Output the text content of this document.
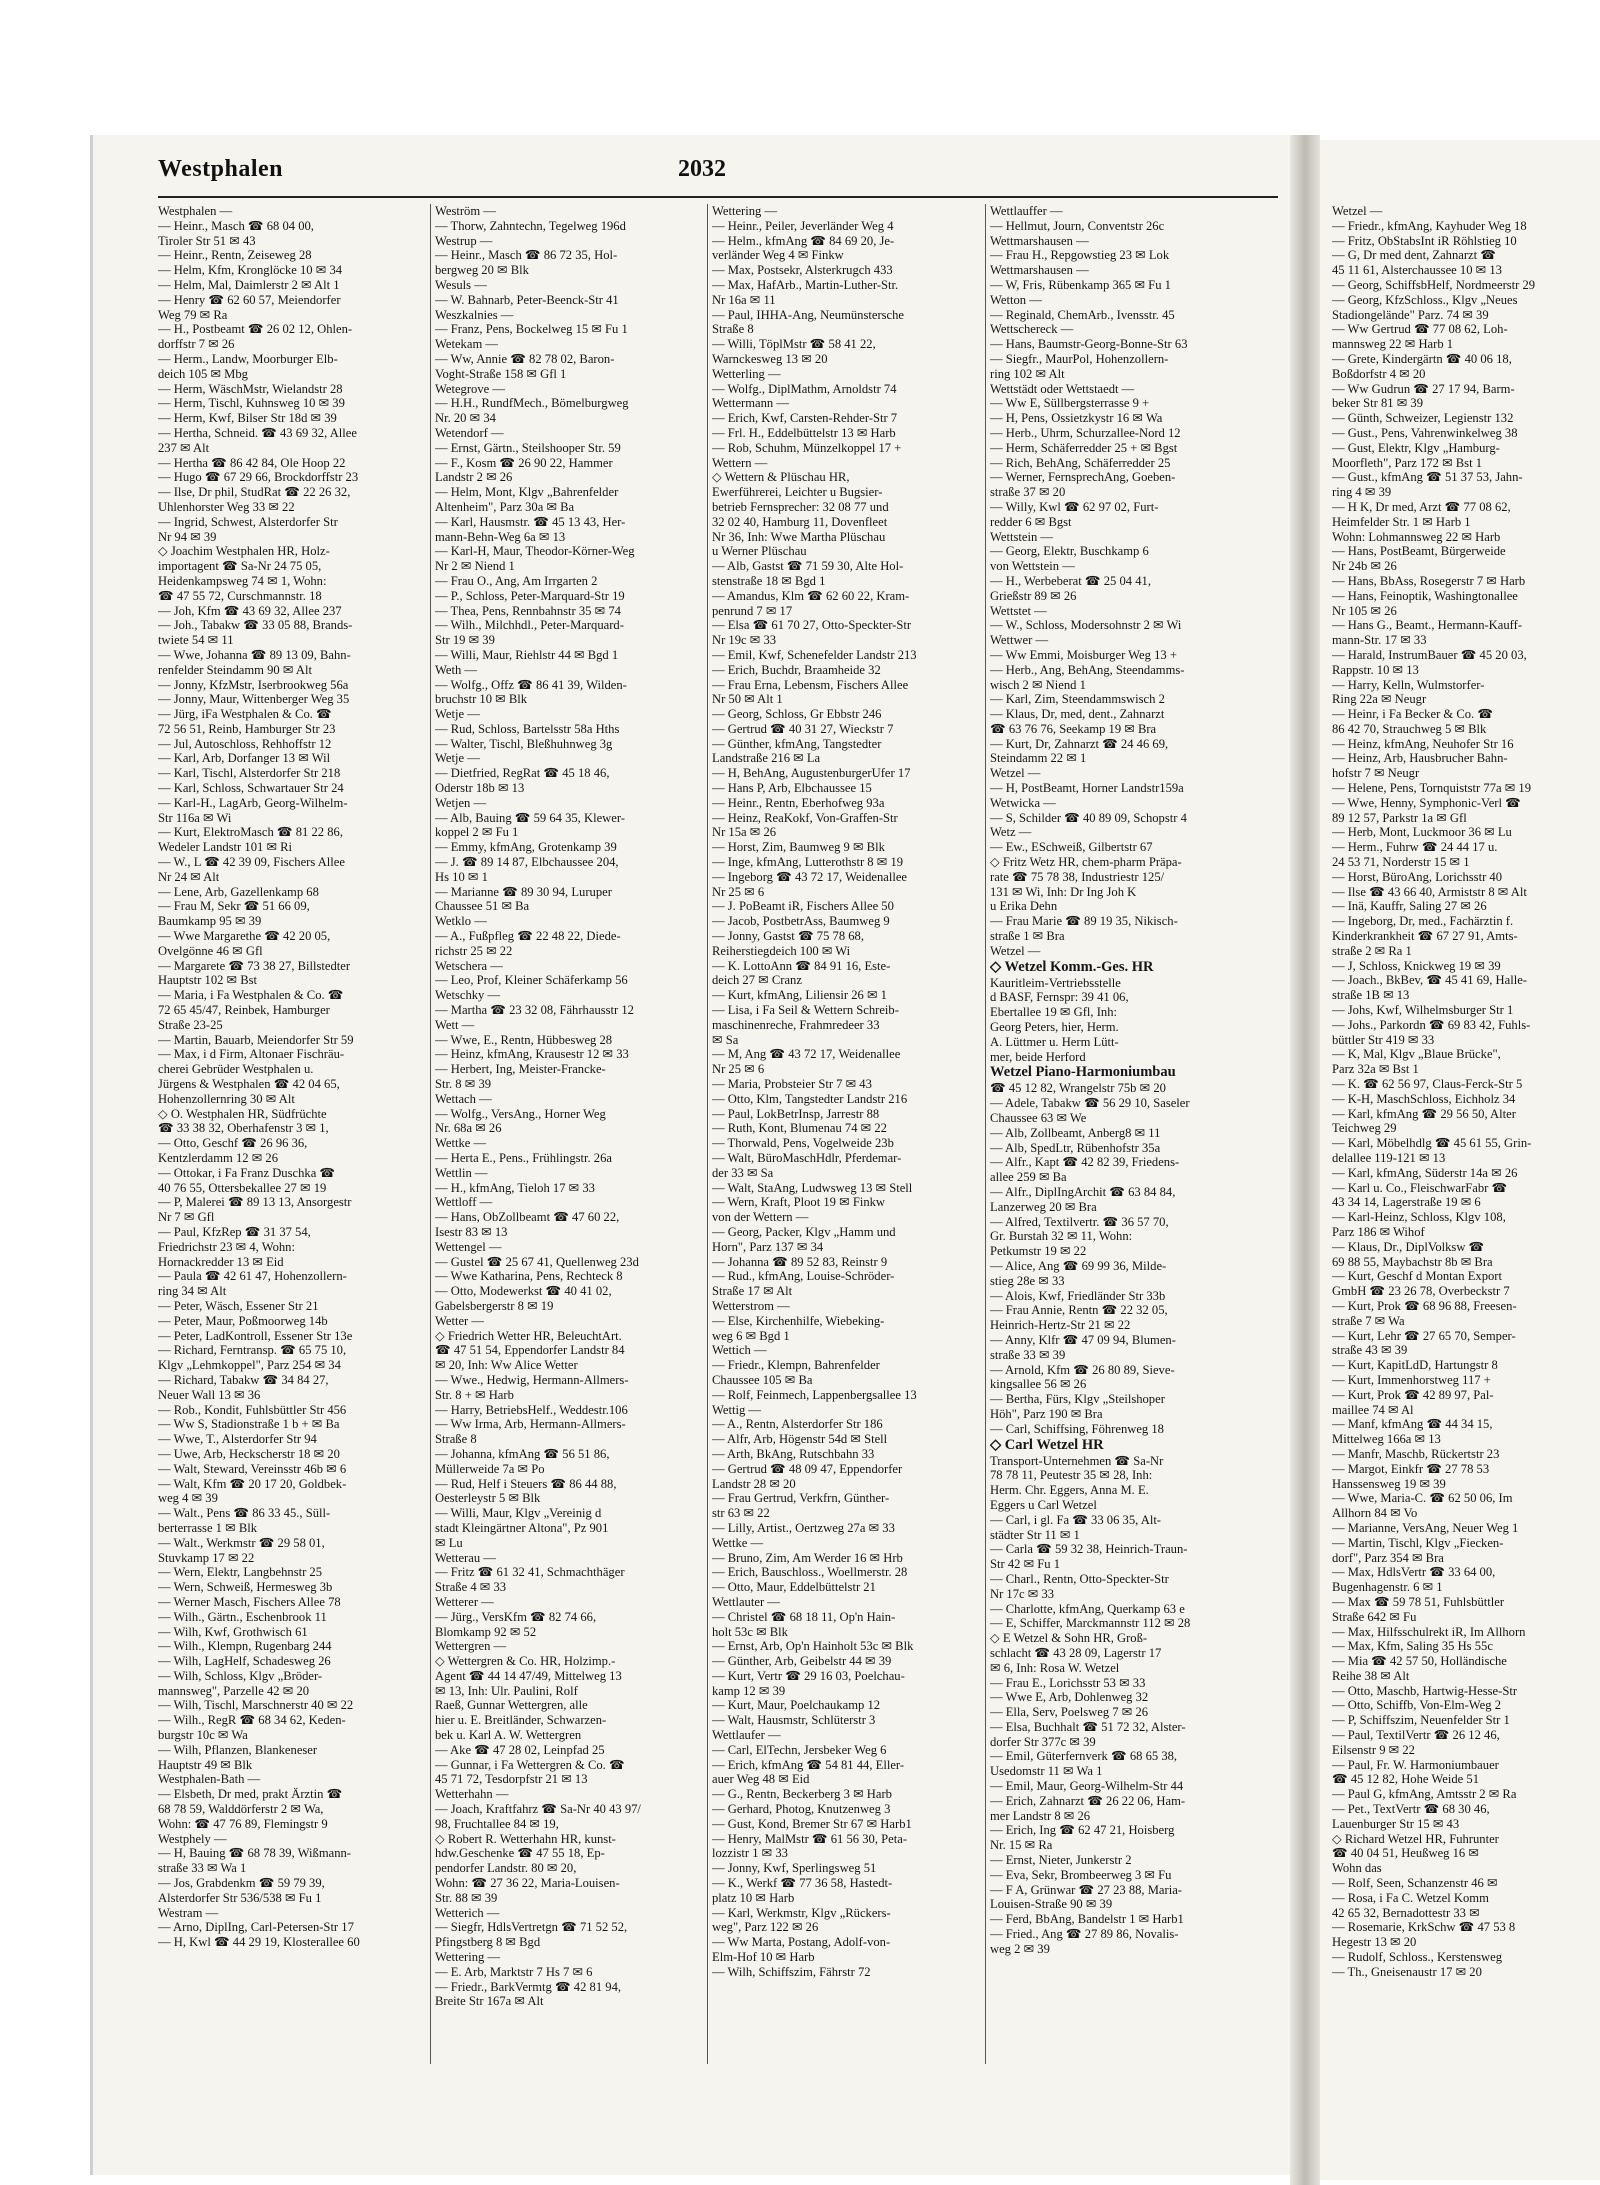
Westphalen	2032
Westphalen —
— Heinr., Masch ☎ 68 04 00,
Tiroler Str 51 ✉ 43
— Heinr., Rentn, Zeiseweg 28
— Helm, Kfm, Kronglöcke 10 ✉ 34
— Helm, Mal, Daimlerstr 2 ✉ Alt 1
— Henry ☎ 62 60 57, Meiendorfer
Weg 79 ✉ Ra
— H., Postbeamt ☎ 26 02 12, Ohlen-
dorffstr 7 ✉ 26
— Herm., Landw, Moorburger Elb-
deich 105 ✉ Mbg
— Herm, WäschMstr, Wielandstr 28
— Herm, Tischl, Kuhnsweg 10 ✉ 39
— Herm, Kwf, Bilser Str 18d ✉ 39
— Hertha, Schneid. ☎ 43 69 32, Allee
237 ✉ Alt
— Hertha ☎ 86 42 84, Ole Hoop 22
— Hugo ☎ 67 29 66, Brockdorffstr 23
— Ilse, Dr phil, StudRat ☎ 22 26 32,
Uhlenhorster Weg 33 ✉ 22
— Ingrid, Schwest, Alsterdorfer Str
Nr 94 ✉ 39
◇ Joachim Westphalen HR, Holz-
importagent ☎ Sa-Nr 24 75 05,
Heidenkampsweg 74 ✉ 1, Wohn:
☎ 47 55 72, Curschmannstr. 18
— Joh, Kfm ☎ 43 69 32, Allee 237
— Joh., Tabakw ☎ 33 05 88, Brands-
twiete 54 ✉ 11
— Wwe, Johanna ☎ 89 13 09, Bahn-
renfelder Steindamm 90 ✉ Alt
— Jonny, KfzMstr, Iserbrookweg 56a
— Jonny, Maur, Wittenberger Weg 35
— Jürg, iFa Westphalen & Co. ☎
72 56 51, Reinb, Hamburger Str 23
— Jul, Autoschloss, Rehhoffstr 12
— Karl, Arb, Dorfanger 13 ✉ Wil
— Karl, Tischl, Alsterdorfer Str 218
— Karl, Schloss, Schwartauer Str 24
— Karl-H., LagArb, Georg-Wilhelm-
Str 116a ✉ Wi
— Kurt, ElektroMasch ☎ 81 22 86,
Wedeler Landstr 101 ✉ Ri
— W., L ☎ 42 39 09, Fischers Allee
Nr 24 ✉ Alt
— Lene, Arb, Gazellenkamp 68
— Frau M, Sekr ☎ 51 66 09,
Baumkamp 95 ✉ 39
— Wwe Margarethe ☎ 42 20 05,
Ovelgönne 46 ✉ Gfl
— Margarete ☎ 73 38 27, Billstedter
Hauptstr 102 ✉ Bst
— Maria, i Fa Westphalen & Co. ☎
72 65 45/47, Reinbek, Hamburger
Straße 23-25
— Martin, Bauarb, Meiendorfer Str 59
— Max, i d Firm, Altonaer Fischräu-
cherei Gebrüder Westphalen u.
Jürgens & Westphalen ☎ 42 04 65,
Hohenzollernring 30 ✉ Alt
◇ O. Westphalen HR, Südfrüchte
☎ 33 38 32, Oberhafenstr 3 ✉ 1,
— Otto, Geschf ☎ 26 96 36,
Kentzlerdamm 12 ✉ 26
— Ottokar, i Fa Franz Duschka ☎
40 76 55, Ottersbekallee 27 ✉ 19
— P, Malerei ☎ 89 13 13, Ansorgestr
Nr 7 ✉ Gfl
— Paul, KfzRep ☎ 31 37 54,
Friedrichstr 23 ✉ 4, Wohn:
Hornackredder 13 ✉ Eid
— Paula ☎ 42 61 47, Hohenzollern-
ring 34 ✉ Alt
— Peter, Wäsch, Essener Str 21
— Peter, Maur, Poßmoorweg 14b
— Peter, LadKontroll, Essener Str 13e
— Richard, Ferntransp. ☎ 65 75 10,
Klgv „Lehmkoppel", Parz 254 ✉ 34
— Richard, Tabakw ☎ 34 84 27,
Neuer Wall 13 ✉ 36
— Rob., Kondit, Fuhlsbüttler Str 456
— Ww S, Stadionstraße 1 b + ✉ Ba
— Wwe, T., Alsterdorfer Str 94
— Uwe, Arb, Heckscherstr 18 ✉ 20
— Walt, Steward, Vereinsstr 46b ✉ 6
— Walt, Kfm ☎ 20 17 20, Goldbek-
weg 4 ✉ 39
— Walt., Pens ☎ 86 33 45., Süll-
berterrasse 1 ✉ Blk
— Walt., Werkmstr ☎ 29 58 01,
Stuvkamp 17 ✉ 22
— Wern, Elektr, Langbehnstr 25
— Wern, Schweiß, Hermesweg 3b
— Werner Masch, Fischers Allee 78
— Wilh., Gärtn., Eschenbrook 11
— Wilh, Kwf, Grothwisch 61
— Wilh., Klempn, Rugenbarg 244
— Wilh, LagHelf, Schadesweg 26
— Wilh, Schloss, Klgv „Bröder-
mannsweg", Parzelle 42 ✉ 20
— Wilh, Tischl, Marschnerstr 40 ✉ 22
— Wilh., RegR ☎ 68 34 62, Keden-
burgstr 10c ✉ Wa
— Wilh, Pflanzen, Blankeneser
Hauptstr 49 ✉ Blk
Westphalen-Bath —
— Elsbeth, Dr med, prakt Ärztin ☎
68 78 59, Walddörferstr 2 ✉ Wa,
Wohn: ☎ 47 76 89, Flemingstr 9
Westphely —
— H, Bauing ☎ 68 78 39, Wißmann-
straße 33 ✉ Wa 1
— Jos, Grabdenkm ☎ 59 79 39,
Alsterdorfer Str 536/538 ✉ Fu 1
Westram —
— Arno, DiplIng, Carl-Petersen-Str 17
— H, Kwl ☎ 44 29 19, Klosterallee 60
Weström —
— Thorw, Zahntechn, Tegelweg 196d
Westrup —
— Heinr., Masch ☎ 86 72 35, Hol-
bergweg 20 ✉ Blk
Wesuls —
— W. Bahnarb, Peter-Beenck-Str 41
Weszkalnies —
— Franz, Pens, Bockelweg 15 ✉ Fu 1
Wetekam —
— Ww, Annie ☎ 82 78 02, Baron-
Voght-Straße 158 ✉ Gfl 1
Wetegrove —
— H.H., RundfMech., Bömelburgweg
Nr. 20 ✉ 34
Wetendorf —
— Ernst, Gärtn., Steilshooper Str. 59
— F., Kosm ☎ 26 90 22, Hammer
Landstr 2 ✉ 26
— Helm, Mont, Klgv „Bahrenfelder
Altenheim", Parz 30a ✉ Ba
— Karl, Hausmstr. ☎ 45 13 43, Her-
mann-Behn-Weg 6a ✉ 13
— Karl-H, Maur, Theodor-Körner-Weg
Nr 2 ✉ Niend 1
— Frau O., Ang, Am Irrgarten 2
— P., Schloss, Peter-Marquard-Str 19
— Thea, Pens, Rennbahnstr 35 ✉ 74
— Wilh., Milchhdl., Peter-Marquard-
Str 19 ✉ 39
— Willi, Maur, Riehlstr 44 ✉ Bgd 1
Weth —
— Wolfg., Offz ☎ 86 41 39, Wilden-
bruchstr 10 ✉ Blk
Wetje —
— Rud, Schloss, Bartelsstr 58a Hths
— Walter, Tischl, Bleßhuhnweg 3g
Wetje —
— Dietfried, RegRat ☎ 45 18 46,
Oderstr 18b ✉ 13
Wetjen —
— Alb, Bauing ☎ 59 64 35, Klewer-
koppel 2 ✉ Fu 1
— Emmy, kfmAng, Grotenkamp 39
— J. ☎ 89 14 87, Elbchaussee 204,
Hs 10 ✉ 1
— Marianne ☎ 89 30 94, Luruper
Chaussee 51 ✉ Ba
Wetklo —
— A., Fußpfleg ☎ 22 48 22, Diede-
richstr 25 ✉ 22
Wetschera —
— Leo, Prof, Kleiner Schäferkamp 56
Wetschky —
— Martha ☎ 23 32 08, Fährhausstr 12
Wett —
— Wwe, E., Rentn, Hübbesweg 28
— Heinz, kfmAng, Krausestr 12 ✉ 33
— Herbert, Ing, Meister-Francke-
Str. 8 ✉ 39
Wettach —
— Wolfg., VersAng., Horner Weg
Nr. 68a ✉ 26
Wettke —
— Herta E., Pens., Frühlingstr. 26a
Wettlin —
— H., kfmAng, Tieloh 17 ✉ 33
Wettloff —
— Hans, ObZollbeamt ☎ 47 60 22,
Isestr 83 ✉ 13
Wettengel —
— Gustel ☎ 25 67 41, Quellenweg 23d
— Wwe Katharina, Pens, Rechteck 8
— Otto, Modewerkst ☎ 40 41 02,
Gabelsbergerstr 8 ✉ 19
Wetter —
◇ Friedrich Wetter HR, BeleuchtArt.
☎ 47 51 54, Eppendorfer Landstr 84
✉ 20, Inh: Ww Alice Wetter
— Wwe., Hedwig, Hermann-Allmers-
Str. 8 + ✉ Harb
— Harry, BetriebsHelf., Weddestr.106
— Ww Irma, Arb, Hermann-Allmers-
Straße 8
— Johanna, kfmAng ☎ 56 51 86,
Müllerweide 7a ✉ Po
— Rud, Helf i Steuers ☎ 86 44 88,
Oesterleystr 5 ✉ Blk
— Willi, Maur, Klgv „Vereinig d
stadt Kleingärtner Altona", Pz 901
✉ Lu
Wetterau —
— Fritz ☎ 61 32 41, Schmachthäger
Straße 4 ✉ 33
Wetterer —
— Jürg., VersKfm ☎ 82 74 66,
Blomkamp 92 ✉ 52
Wettergren —
◇ Wettergren & Co. HR, Holzimp.-
Agent ☎ 44 14 47/49, Mittelweg 13
✉ 13, Inh: Ulr. Paulini, Rolf
Raeß, Gunnar Wettergren, alle
hier u. E. Breitländer, Schwarzen-
bek u. Karl A. W. Wettergren
— Ake ☎ 47 28 02, Leinpfad 25
— Gunnar, i Fa Wettergren & Co. ☎
45 71 72, Tesdorpfstr 21 ✉ 13
Wetterhahn —
— Joach, Kraftfahrz ☎ Sa-Nr 40 43 97/
98, Fruchtallee 84 ✉ 19,
◇ Robert R. Wetterhahn HR, kunst-
hdw.Geschenke ☎ 47 55 18, Ep-
pendorfer Landstr. 80 ✉ 20,
Wohn: ☎ 27 36 22, Maria-Louisen-
Str. 88 ✉ 39
Wetterich —
— Siegfr, HdlsVertretgn ☎ 71 52 52,
Pfingstberg 8 ✉ Bgd
Wettering —
— E. Arb, Marktstr 7 Hs 7 ✉ 6
— Friedr., BarkVermtg ☎ 42 81 94,
Breite Str 167a ✉ Alt
Wettering —
— Heinr., Peiler, Jeverländer Weg 4
— Helm., kfmAng ☎ 84 69 20, Je-
verländer Weg 4 ✉ Finkw
— Max, Postsekr, Alsterkrugch 433
— Max, HafArb., Martin-Luther-Str.
Nr 16a ✉ 11
— Paul, IHHA-Ang, Neumünstersche
Straße 8
— Willi, TöplMstr ☎ 58 41 22,
Warnckesweg 13 ✉ 20
Wetterling —
— Wolfg., DiplMathm, Arnoldstr 74
Wettermann —
— Erich, Kwf, Carsten-Rehder-Str 7
— Frl. H., Eddelbüttelstr 13 ✉ Harb
— Rob, Schuhm, Münzelkoppel 17 +
Wettern —
◇ Wettern & Plüschau HR,
Ewerführerei, Leichter u Bugsier-
betrieb Fernsprecher: 32 08 77 und
32 02 40, Hamburg 11, Dovenfleet
Nr 36, Inh: Wwe Martha Plüschau
u Werner Plüschau
— Alb, Gastst ☎ 71 59 30, Alte Hol-
stenstraße 18 ✉ Bgd 1
— Amandus, Klm ☎ 62 60 22, Kram-
penrund 7 ✉ 17
— Elsa ☎ 61 70 27, Otto-Speckter-Str
Nr 19c ✉ 33
— Emil, Kwf, Schenefelder Landstr 213
— Erich, Buchdr, Braamheide 32
— Frau Erna, Lebensm, Fischers Allee
Nr 50 ✉ Alt 1
— Georg, Schloss, Gr Ebbstr 246
— Gertrud ☎ 40 31 27, Wieckstr 7
— Günther, kfmAng, Tangstedter
Landstraße 216 ✉ La
— H, BehAng, AugustenburgerUfer 17
— Hans P, Arb, Elbchaussee 15
— Heinr., Rentn, Eberhofweg 93a
— Heinz, ReaKokf, Von-Graffen-Str
Nr 15a ✉ 26
— Horst, Zim, Baumweg 9 ✉ Blk
— Inge, kfmAng, Lutterothstr 8 ✉ 19
— Ingeborg ☎ 43 72 17, Weidenallee
Nr 25 ✉ 6
— J. PoBeamt iR, Fischers Allee 50
— Jacob, PostbetrAss, Baumweg 9
— Jonny, Gastst ☎ 75 78 68,
Reiherstiegdeich 100 ✉ Wi
— K. LottoAnn ☎ 84 91 16, Este-
deich 27 ✉ Cranz
— Kurt, kfmAng, Liliensir 26 ✉ 1
— Lisa, i Fa Seil & Wettern Schreib-
maschinenreche, Frahmredeer 33
✉ Sa
— M, Ang ☎ 43 72 17, Weidenallee
Nr 25 ✉ 6
— Maria, Probsteier Str 7 ✉ 43
— Otto, Klm, Tangstedter Landstr 216
— Paul, LokBetrInsp, Jarrestr 88
— Ruth, Kont, Blumenau 74 ✉ 22
— Thorwald, Pens, Vogelweide 23b
— Walt, BüroMaschHdlr, Pferdemar-
der 33 ✉ Sa
— Walt, StaAng, Ludwsweg 13 ✉ Stell
— Wern, Kraft, Ploot 19 ✉ Finkw
von der Wettern —
— Georg, Packer, Klgv „Hamm und
Horn", Parz 137 ✉ 34
— Johanna ☎ 89 52 83, Reinstr 9
— Rud., kfmAng, Louise-Schröder-
Straße 17 ✉ Alt
Wetterstrom —
— Else, Kirchenhilfe, Wiebeking-
weg 6 ✉ Bgd 1
Wettich —
— Friedr., Klempn, Bahrenfelder
Chaussee 105 ✉ Ba
— Rolf, Feinmech, Lappenbergsallee 13
Wettig —
— A., Rentn, Alsterdorfer Str 186
— Alfr, Arb, Högenstr 54d ✉ Stell
— Arth, BkAng, Rutschbahn 33
— Gertrud ☎ 48 09 47, Eppendorfer
Landstr 28 ✉ 20
— Frau Gertrud, Verkfrn, Günther-
str 63 ✉ 22
— Lilly, Artist., Oertzweg 27a ✉ 33
Wettke —
— Bruno, Zim, Am Werder 16 ✉ Hrb
— Erich, Bauschloss., Woellmerstr. 28
— Otto, Maur, Eddelbüttelstr 21
Wettlauter —
— Christel ☎ 68 18 11, Op'n Hain-
holt 53c ✉ Blk
— Ernst, Arb, Op'n Hainholt 53c ✉ Blk
— Günther, Arb, Geibelstr 44 ✉ 39
— Kurt, Vertr ☎ 29 16 03, Poelchau-
kamp 12 ✉ 39
— Kurt, Maur, Poelchaukamp 12
— Walt, Hausmstr, Schlüterstr 3
Wettlaufer —
— Carl, ElTechn, Jersbeker Weg 6
— Erich, kfmAng ☎ 54 81 44, Eller-
auer Weg 48 ✉ Eid
— G., Rentn, Beckerberg 3 ✉ Harb
— Gerhard, Photog, Knutzenweg 3
— Gust, Kond, Bremer Str 67 ✉ Harb1
— Henry, MalMstr ☎ 61 56 30, Peta-
lozzistr 1 ✉ 33
— Jonny, Kwf, Sperlingsweg 51
— K., Werkf ☎ 77 36 58, Hastedt-
platz 10 ✉ Harb
— Karl, Werkmstr, Klgv „Rückers-
weg", Parz 122 ✉ 26
— Ww Marta, Postang, Adolf-von-
Elm-Hof 10 ✉ Harb
— Wilh, Schiffszim, Fährstr 72
Wettlauffer —
— Hellmut, Journ, Conventstr 26c
Wettmarshausen —
— Frau H., Repgowstieg 23 ✉ Lok
Wettmarshausen —
— W, Fris, Rübenkamp 365 ✉ Fu 1
Wetton —
— Reginald, ChemArb., Ivensstr. 45
Wettschereck —
— Hans, Baumstr-Georg-Bonne-Str 63
— Siegfr., MaurPol, Hohenzollern-
ring 102 ✉ Alt
Wettstädt oder Wettstaedt —
— Ww E, Süllbergsterrasse 9 +
— H, Pens, Ossietzkystr 16 ✉ Wa
— Herb., Uhrm, Schurzallee-Nord 12
— Herm, Schäferredder 25 + ✉ Bgst
— Rich, BehAng, Schäferredder 25
— Werner, FernsprechAng, Goeben-
straße 37 ✉ 20
— Willy, Kwl ☎ 62 97 02, Furt-
redder 6 ✉ Bgst
Wettstein —
— Georg, Elektr, Buschkamp 6
von Wettstein —
— H., Werbeberat ☎ 25 04 41,
Grießstr 89 ✉ 26
Wettstet —
— W., Schloss, Modersohnstr 2 ✉ Wi
Wettwer —
— Ww Emmi, Moisburger Weg 13 +
— Herb., Ang, BehAng, Steendamms-
wisch 2 ✉ Niend 1
— Karl, Zim, Steendammswisch 2
— Klaus, Dr, med, dent., Zahnarzt
☎ 63 76 76, Seekamp 19 ✉ Bra
— Kurt, Dr, Zahnarzt ☎ 24 46 69,
Steindamm 22 ✉ 1
Wetzel —
— H, PostBeamt, Horner Landstr159a
Wetwicka —
— S, Schilder ☎ 40 89 09, Schopstr 4
Wetz —
— Ew., ESchweiß, Gilbertstr 67
◇ Fritz Wetz HR, chem-pharm Präpa-
rate ☎ 75 78 38, Industriestr 125/
131 ✉ Wi, Inh: Dr Ing Joh K
u Erika Dehn
— Frau Marie ☎ 89 19 35, Nikisch-
straße 1 ✉ Bra
Wetzel —
◇ Wetzel Komm.-Ges. HR
Kauritleim-Vertriebsstelle
d BASF, Fernspr: 39 41 06,
Ebertallee 19 ✉ Gfl, Inh:
Georg Peters, hier, Herm.
A. Lüttmer u. Herm Lütt-
mer, beide Herford
Wetzel Piano-Harmoniumbau
☎ 45 12 82, Wrangelstr 75b ✉ 20
— Adele, Tabakw ☎ 56 29 10, Saseler
Chaussee 63 ✉ We
— Alb, Zollbeamt, Anberg8 ✉ 11
— Alb, SpedLtr, Rübenhofstr 35a
— Alfr., Kapt ☎ 42 82 39, Friedens-
allee 259 ✉ Ba
— Alfr., DiplIngArchit ☎ 63 84 84,
Lanzerweg 20 ✉ Bra
— Alfred, Textilvertr. ☎ 36 57 70,
Gr. Burstah 32 ✉ 11, Wohn:
Petkumstr 19 ✉ 22
— Alice, Ang ☎ 69 99 36, Milde-
stieg 28e ✉ 33
— Alois, Kwf, Friedländer Str 33b
— Frau Annie, Rentn ☎ 22 32 05,
Heinrich-Hertz-Str 21 ✉ 22
— Anny, Klfr ☎ 47 09 94, Blumen-
straße 33 ✉ 39
— Arnold, Kfm ☎ 26 80 89, Sieve-
kingsallee 56 ✉ 26
— Bertha, Fürs, Klgv „Steilshoper
Höh", Parz 190 ✉ Bra
— Carl, Schiffsing, Föhrenweg 18
◇ Carl Wetzel HR
Transport-Unternehmen ☎ Sa-Nr
78 78 11, Peutestr 35 ✉ 28, Inh:
Herm. Chr. Eggers, Anna M. E.
Eggers u Carl Wetzel
— Carl, i gl. Fa ☎ 33 06 35, Alt-
städter Str 11 ✉ 1
— Carla ☎ 59 32 38, Heinrich-Traun-
Str 42 ✉ Fu 1
— Charl., Rentn, Otto-Speckter-Str
Nr 17c ✉ 33
— Charlotte, kfmAng, Querkamp 63 e
— E, Schiffer, Marckmannstr 112 ✉ 28
◇ E Wetzel & Sohn HR, Groß-
schlacht ☎ 43 28 09, Lagerstr 17
✉ 6, Inh: Rosa W. Wetzel
— Frau E., Lorichsstr 53 ✉ 33
— Wwe E, Arb, Dohlenweg 32
— Ella, Serv, Poelsweg 7 ✉ 26
— Elsa, Buchhalt ☎ 51 72 32, Alster-
dorfer Str 377c ✉ 39
— Emil, Güterfernverk ☎ 68 65 38,
Usedomstr 11 ✉ Wa 1
— Emil, Maur, Georg-Wilhelm-Str 44
— Erich, Zahnarzt ☎ 26 22 06, Ham-
mer Landstr 8 ✉ 26
— Erich, Ing ☎ 62 47 21, Hoisberg
Nr. 15 ✉ Ra
— Ernst, Nieter, Junkerstr 2
— Eva, Sekr, Brombeerweg 3 ✉ Fu
— F A, Grünwar ☎ 27 23 88, Maria-
Louisen-Straße 90 ✉ 39
— Ferd, BbAng, Bandelstr 1 ✉ Harb1
— Fried., Ang ☎ 27 89 86, Novalis-
weg 2 ✉ 39
Wetzel —
— Friedr., kfmAng, Kayhuder Weg 18
— Fritz, ObStabsInt iR Röhlstieg 10
— G, Dr med dent, Zahnarzt ☎
45 11 61, Alsterchaussee 10 ✉ 13
— Georg, SchiffsbHelf, Nordmeerstr 29
— Georg, KfzSchloss., Klgv „Neues
Stadiongelände" Parz. 74 ✉ 39
— Ww Gertrud ☎ 77 08 62, Loh-
mannsweg 22 ✉ Harb 1
— Grete, Kindergärtn ☎ 40 06 18,
Boßdorfstr 4 ✉ 20
— Ww Gudrun ☎ 27 17 94, Barm-
beker Str 81 ✉ 39
— Günth, Schweizer, Legienstr 132
— Gust., Pens, Vahrenwinkelweg 38
— Gust, Elektr, Klgv „Hamburg-
Moorfleth", Parz 172 ✉ Bst 1
— Gust., kfmAng ☎ 51 37 53, Jahn-
ring 4 ✉ 39
— H K, Dr med, Arzt ☎ 77 08 62,
Heimfelder Str. 1 ✉ Harb 1
Wohn: Lohmannsweg 22 ✉ Harb
— Hans, PostBeamt, Bürgerweide
Nr 24b ✉ 26
— Hans, BbAss, Rosegerstr 7 ✉ Harb
— Hans, Feinoptik, Washingtonallee
Nr 105 ✉ 26
— Hans G., Beamt., Hermann-Kauff-
mann-Str. 17 ✉ 33
— Harald, InstrumBauer ☎ 45 20 03,
Rappstr. 10 ✉ 13
— Harry, Kelln, Wulmstorfer-
Ring 22a ✉ Neugr
— Heinr, i Fa Becker & Co. ☎
86 42 70, Strauchweg 5 ✉ Blk
— Heinz, kfmAng, Neuhofer Str 16
— Heinz, Arb, Hausbrucher Bahn-
hofstr 7 ✉ Neugr
— Helene, Pens, Tornquiststr 77a ✉ 19
— Wwe, Henny, Symphonic-Verl ☎
89 12 57, Parkstr 1a ✉ Gfl
— Herb, Mont, Luckmoor 36 ✉ Lu
— Herm., Fuhrw ☎ 24 44 17 u.
24 53 71, Norderstr 15 ✉ 1
— Horst, BüroAng, Lorichsstr 40
— Ilse ☎ 43 66 40, Armiststr 8 ✉ Alt
— Inä, Kauffr, Saling 27 ✉ 26
— Ingeborg, Dr, med., Fachärztin f.
Kinderkrankheit ☎ 67 27 91, Amts-
straße 2 ✉ Ra 1
— J, Schloss, Knickweg 19 ✉ 39
— Joach., BkBev, ☎ 45 41 69, Halle-
straße 1B ✉ 13
— Johs, Kwf, Wilhelmsburger Str 1
— Johs., Parkordn ☎ 69 83 42, Fuhls-
büttler Str 419 ✉ 33
— K, Mal, Klgv „Blaue Brücke",
Parz 32a ✉ Bst 1
— K. ☎ 62 56 97, Claus-Ferck-Str 5
— K-H, MaschSchloss, Eichholz 34
— Karl, kfmAng ☎ 29 56 50, Alter
Teichweg 29
— Karl, Möbelhdlg ☎ 45 61 55, Grin-
delallee 119-121 ✉ 13
— Karl, kfmAng, Süderstr 14a ✉ 26
— Karl u. Co., FleischwarFabr ☎
43 34 14, Lagerstraße 19 ✉ 6
— Karl-Heinz, Schloss, Klgv 108,
Parz 186 ✉ Wihof
— Klaus, Dr., DiplVolksw ☎
69 88 55, Maybachstr 8b ✉ Bra
— Kurt, Geschf d Montan Export
GmbH ☎ 23 26 78, Overbeckstr 7
— Kurt, Prok ☎ 68 96 88, Freesen-
straße 7 ✉ Wa
— Kurt, Lehr ☎ 27 65 70, Semper-
straße 43 ✉ 39
— Kurt, KapitLdD, Hartungstr 8
— Kurt, Immenhorstweg 117 +
— Kurt, Prok ☎ 42 89 97, Pal-
maillee 74 ✉ Al
— Manf, kfmAng ☎ 44 34 15,
Mittelweg 166a ✉ 13
— Manfr, Maschb, Rückertstr 23
— Margot, Einkfr ☎ 27 78 53
Hanssensweg 19 ✉ 39
— Wwe, Maria-C. ☎ 62 50 06, Im
Allhorn 84 ✉ Vo
— Marianne, VersAng, Neuer Weg 1
— Martin, Tischl, Klgv „Fiecken-
dorf", Parz 354 ✉ Bra
— Max, HdlsVertr ☎ 33 64 00,
Bugenhagenstr. 6 ✉ 1
— Max ☎ 59 78 51, Fuhlsbüttler
Straße 642 ✉ Fu
— Max, Hilfsschulrekt iR, Im Allhorn
— Max, Kfm, Saling 35 Hs 55c
— Mia ☎ 42 57 50, Holländische
Reihe 38 ✉ Alt
— Otto, Maschb, Hartwig-Hesse-Str
— Otto, Schiffb, Von-Elm-Weg 2
— P, Schiffszim, Neuenfelder Str 1
— Paul, TextilVertr ☎ 26 12 46,
Eilsenstr 9 ✉ 22
— Paul, Fr. W. Harmoniumbauer
☎ 45 12 82, Hohe Weide 51
— Paul G, kfmAng, Amtsstr 2 ✉ Ra
— Pet., TextVertr ☎ 68 30 46,
Lauenburger Str 15 ✉ 43
◇ Richard Wetzel HR, Fuhrunter
☎ 40 04 51, Heußweg 16 ✉
Wohn das
— Rolf, Seen, Schanzenstr 46 ✉
— Rosa, i Fa C. Wetzel Komm
42 65 32, Bernadottestr 33 ✉
— Rosemarie, KrkSchw ☎ 47 53 8
Hegestr 13 ✉ 20
— Rudolf, Schloss., Kerstensweg
— Th., Gneisenaustr 17 ✉ 20
